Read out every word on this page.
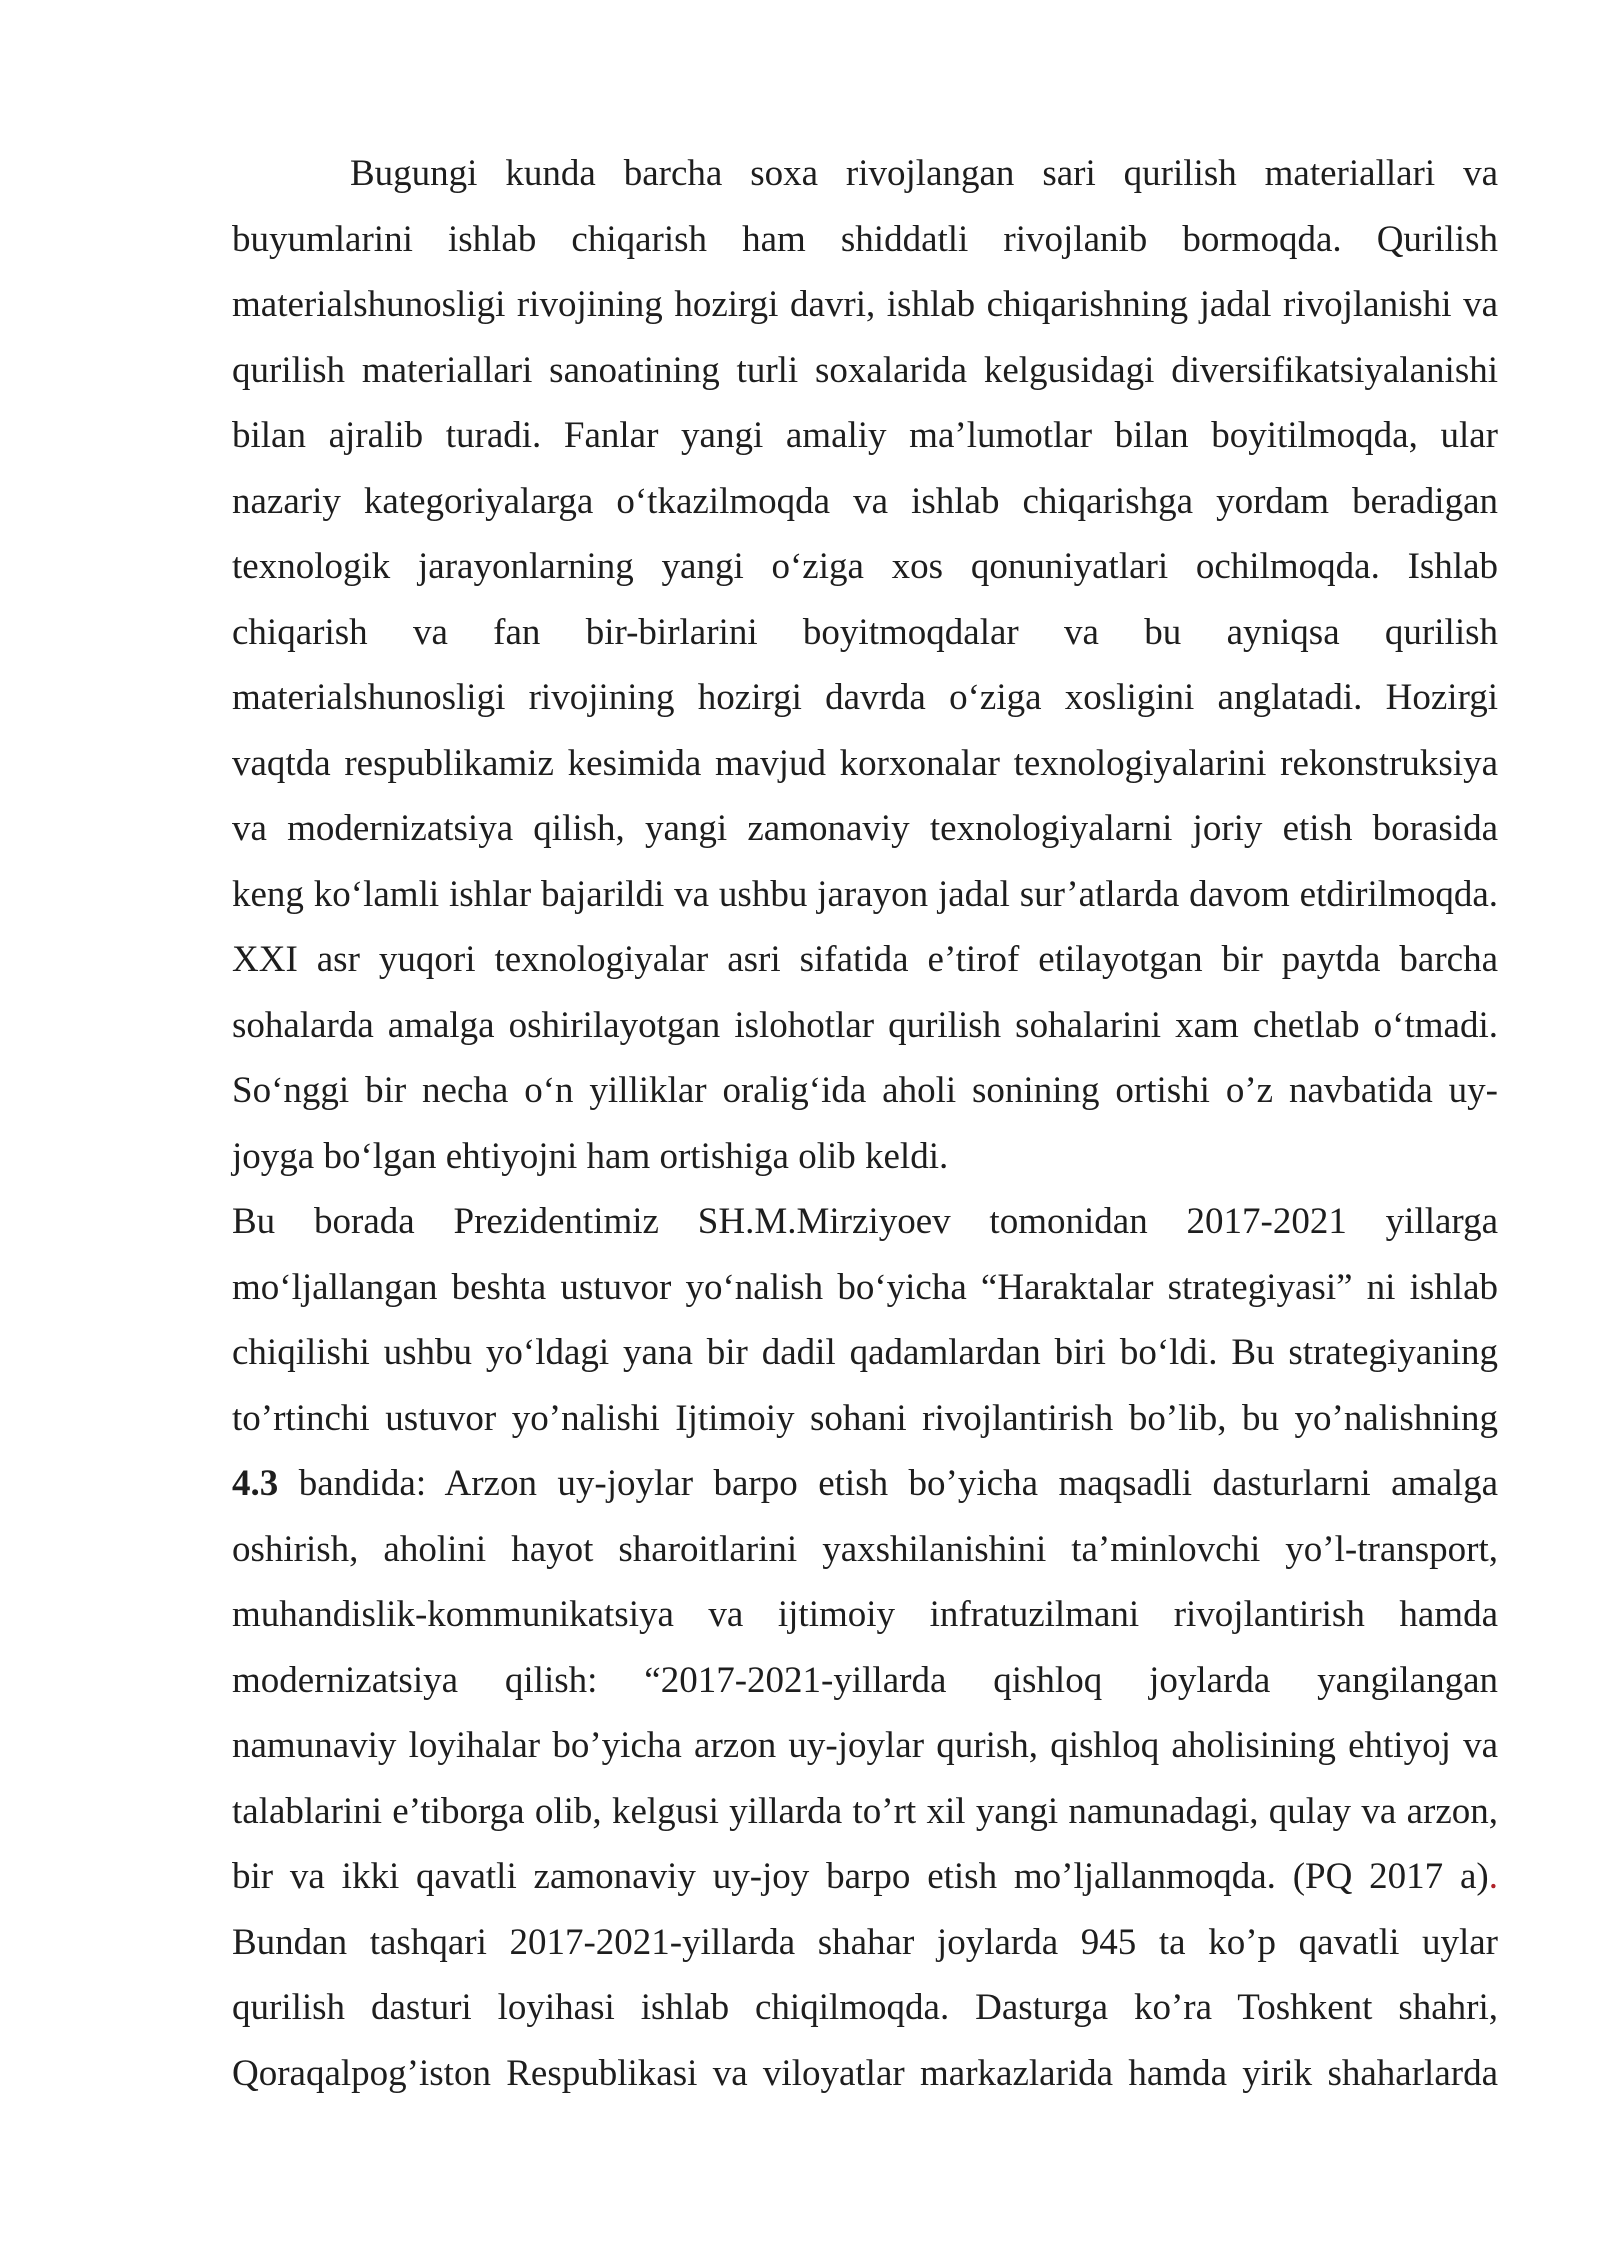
Bugungi kunda barcha soxa rivojlangan sari qurilish materiallari va
buyumlarini ishlab chiqarish ham shiddatli rivojlanib bormoqda. Qurilish
materialshunosligi rivojining hozirgi davri, ishlab chiqarishning jadal rivojlanishi va
qurilish materiallari sanoatining turli soxalarida kelgusidagi diversifikatsiyalanishi
bilan ajralib turadi. Fanlar yangi amaliy ma’lumotlar bilan boyitilmoqda, ular
nazariy kategoriyalarga o‘tkazilmoqda va ishlab chiqarishga yordam beradigan
texnologik jarayonlarning yangi o‘ziga xos qonuniyatlari ochilmoqda. Ishlab
chiqarish va fan bir-birlarini boyitmoqdalar va bu ayniqsa qurilish
materialshunosligi rivojining hozirgi davrda o‘ziga xosligini anglatadi. Hozirgi
vaqtda respublikamiz kesimida mavjud korxonalar texnologiyalarini rekonstruksiya
va modernizatsiya qilish, yangi zamonaviy texnologiyalarni joriy etish borasida
keng ko‘lamli ishlar bajarildi va ushbu jarayon jadal sur’atlarda davom etdirilmoqda.
XXI asr yuqori texnologiyalar asri sifatida e’tirof etilayotgan bir paytda barcha
sohalarda amalga oshirilayotgan islohotlar qurilish sohalarini xam chetlab o‘tmadi.
So‘nggi bir necha o‘n yilliklar oralig‘ida aholi sonining ortishi o’z navbatida uy-
joyga bo‘lgan ehtiyojni ham ortishiga olib keldi.
Bu borada Prezidentimiz SH.M.Mirziyoev tomonidan 2017-2021 yillarga
mo‘ljallangan beshta ustuvor yo‘nalish bo‘yicha “Haraktalar strategiyasi” ni ishlab
chiqilishi ushbu yo‘ldagi yana bir dadil qadamlardan biri bo‘ldi. Bu strategiyaning
to’rtinchi ustuvor yo’nalishi Ijtimoiy sohani rivojlantirish bo’lib, bu yo’nalishning
4.3 bandida: Arzon uy-joylar barpo etish bo’yicha maqsadli dasturlarni amalga
oshirish, aholini hayot sharoitlarini yaxshilanishini ta’minlovchi yo’l-transport,
muhandislik-kommunikatsiya va ijtimoiy infratuzilmani rivojlantirish hamda
modernizatsiya qilish: “2017-2021-yillarda qishloq joylarda yangilangan
namunaviy loyihalar bo’yicha arzon uy-joylar qurish, qishloq aholisining ehtiyoj va
talablarini e’tiborga olib, kelgusi yillarda to’rt xil yangi namunadagi, qulay va arzon,
bir va ikki qavatli zamonaviy uy-joy barpo etish mo’ljallanmoqda. (PQ 2017 a).
Bundan tashqari 2017-2021-yillarda shahar joylarda 945 ta ko’p qavatli uylar
qurilish dasturi loyihasi ishlab chiqilmoqda. Dasturga ko’ra Toshkent shahri,
Qoraqalpog’iston Respublikasi va viloyatlar markazlarida hamda yirik shaharlarda
